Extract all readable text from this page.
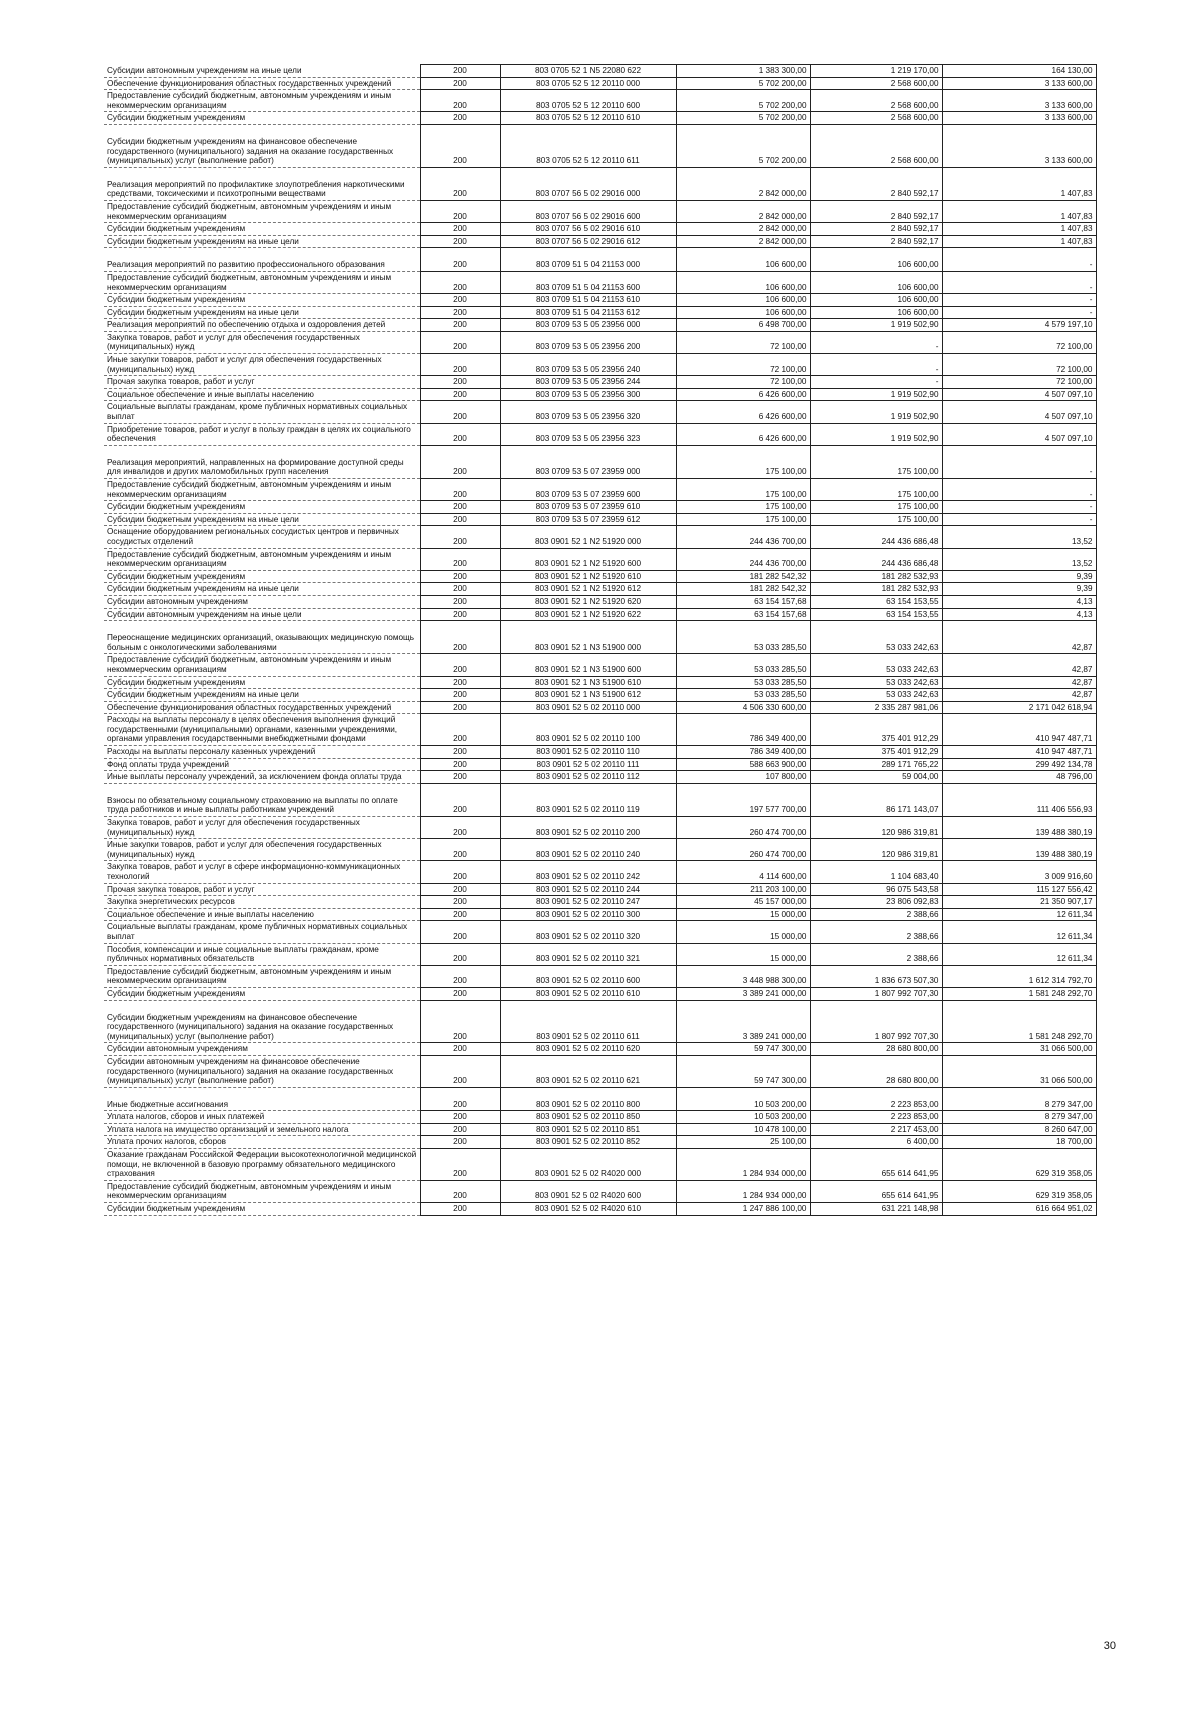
Субсидии автономным учреждениям на иные цели	200	803 0705 52 1 N5 22080 622	1 383 300,00	1 219 170,00	164 130,00
Обеспечение функционирования областных государственных учреждений	200	803 0705 52 5 12 20110 000	5 702 200,00	2 568 600,00	3 133 600,00
Предоставление субсидий бюджетным, автономным учреждениям и иным некоммерческим организациям	200	803 0705 52 5 12 20110 600	5 702 200,00	2 568 600,00	3 133 600,00
Субсидии бюджетным учреждениям	200	803 0705 52 5 12 20110 610	5 702 200,00	2 568 600,00	3 133 600,00
Субсидии бюджетным учреждениям на финансовое обеспечение государственного (муниципального) задания на оказание государственных (муниципальных) услуг (выполнение работ)	200	803 0705 52 5 12 20110 611	5 702 200,00	2 568 600,00	3 133 600,00
Реализация мероприятий по профилактике злоупотребления наркотическими средствами, токсическими и психотропными веществами	200	803 0707 56 5 02 29016 000	2 842 000,00	2 840 592,17	1 407,83
Предоставление субсидий бюджетным, автономным учреждениям и иным некоммерческим организациям	200	803 0707 56 5 02 29016 600	2 842 000,00	2 840 592,17	1 407,83
Субсидии бюджетным учреждениям	200	803 0707 56 5 02 29016 610	2 842 000,00	2 840 592,17	1 407,83
Субсидии бюджетным учреждениям на иные цели	200	803 0707 56 5 02 29016 612	2 842 000,00	2 840 592,17	1 407,83
Реализация мероприятий по развитию профессионального образования	200	803 0709 51 5 04 21153 000	106 600,00	106 600,00	-
Предоставление субсидий бюджетным, автономным учреждениям и иным некоммерческим организациям	200	803 0709 51 5 04 21153 600	106 600,00	106 600,00	-
Субсидии бюджетным учреждениям	200	803 0709 51 5 04 21153 610	106 600,00	106 600,00	-
Субсидии бюджетным учреждениям на иные цели	200	803 0709 51 5 04 21153 612	106 600,00	106 600,00	-
Реализация мероприятий по обеспечению отдыха и оздоровления детей	200	803 0709 53 5 05 23956 000	6 498 700,00	1 919 502,90	4 579 197,10
Закупка товаров, работ и услуг для обеспечения государственных (муниципальных) нужд	200	803 0709 53 5 05 23956 200	72 100,00	-	72 100,00
Иные закупки товаров, работ и услуг для обеспечения государственных (муниципальных) нужд	200	803 0709 53 5 05 23956 240	72 100,00	-	72 100,00
Прочая закупка товаров, работ и услуг	200	803 0709 53 5 05 23956 244	72 100,00	-	72 100,00
Социальное обеспечение и иные выплаты населению	200	803 0709 53 5 05 23956 300	6 426 600,00	1 919 502,90	4 507 097,10
Социальные выплаты гражданам, кроме публичных нормативных социальных выплат	200	803 0709 53 5 05 23956 320	6 426 600,00	1 919 502,90	4 507 097,10
Приобретение товаров, работ и услуг в пользу граждан в целях их социального обеспечения	200	803 0709 53 5 05 23956 323	6 426 600,00	1 919 502,90	4 507 097,10
Реализация мероприятий, направленных на формирование доступной среды для инвалидов и других маломобильных групп населения	200	803 0709 53 5 07 23959 000	175 100,00	175 100,00	-
Предоставление субсидий бюджетным, автономным учреждениям и иным некоммерческим организациям	200	803 0709 53 5 07 23959 600	175 100,00	175 100,00	-
Субсидии бюджетным учреждениям	200	803 0709 53 5 07 23959 610	175 100,00	175 100,00	-
Субсидии бюджетным учреждениям на иные цели	200	803 0709 53 5 07 23959 612	175 100,00	175 100,00	-
Оснащение оборудованием региональных сосудистых центров и первичных сосудистых отделений	200	803 0901 52 1 N2 51920 000	244 436 700,00	244 436 686,48	13,52
Предоставление субсидий бюджетным, автономным учреждениям и иным некоммерческим организациям	200	803 0901 52 1 N2 51920 600	244 436 700,00	244 436 686,48	13,52
Субсидии бюджетным учреждениям	200	803 0901 52 1 N2 51920 610	181 282 542,32	181 282 532,93	9,39
Субсидии бюджетным учреждениям на иные цели	200	803 0901 52 1 N2 51920 612	181 282 542,32	181 282 532,93	9,39
Субсидии автономным учреждениям	200	803 0901 52 1 N2 51920 620	63 154 157,68	63 154 153,55	4,13
Субсидии автономным учреждениям на иные цели	200	803 0901 52 1 N2 51920 622	63 154 157,68	63 154 153,55	4,13
Переоснащение медицинских организаций, оказывающих медицинскую помощь больным с онкологическими заболеваниями	200	803 0901 52 1 N3 51900 000	53 033 285,50	53 033 242,63	42,87
Предоставление субсидий бюджетным, автономным учреждениям и иным некоммерческим организациям	200	803 0901 52 1 N3 51900 600	53 033 285,50	53 033 242,63	42,87
Субсидии бюджетным учреждениям	200	803 0901 52 1 N3 51900 610	53 033 285,50	53 033 242,63	42,87
Субсидии бюджетным учреждениям на иные цели	200	803 0901 52 1 N3 51900 612	53 033 285,50	53 033 242,63	42,87
Обеспечение функционирования областных государственных учреждений	200	803 0901 52 5 02 20110 000	4 506 330 600,00	2 335 287 981,06	2 171 042 618,94
Расходы на выплаты персоналу в целях обеспечения выполнения функций государственными (муниципальными) органами, казенными учреждениями, органами управления государственными внебюджетными фондами	200	803 0901 52 5 02 20110 100	786 349 400,00	375 401 912,29	410 947 487,71
Расходы на выплаты персоналу казенных учреждений	200	803 0901 52 5 02 20110 110	786 349 400,00	375 401 912,29	410 947 487,71
Фонд оплаты труда учреждений	200	803 0901 52 5 02 20110 111	588 663 900,00	289 171 765,22	299 492 134,78
Иные выплаты персоналу учреждений, за исключением фонда оплаты труда	200	803 0901 52 5 02 20110 112	107 800,00	59 004,00	48 796,00
Взносы по обязательному социальному страхованию на выплаты по оплате труда работников и иные выплаты работникам учреждений	200	803 0901 52 5 02 20110 119	197 577 700,00	86 171 143,07	111 406 556,93
Закупка товаров, работ и услуг для обеспечения государственных (муниципальных) нужд	200	803 0901 52 5 02 20110 200	260 474 700,00	120 986 319,81	139 488 380,19
Иные закупки товаров, работ и услуг для обеспечения государственных (муниципальных) нужд	200	803 0901 52 5 02 20110 240	260 474 700,00	120 986 319,81	139 488 380,19
Закупка товаров, работ и услуг в сфере информационно-коммуникационных технологий	200	803 0901 52 5 02 20110 242	4 114 600,00	1 104 683,40	3 009 916,60
Прочая закупка товаров, работ и услуг	200	803 0901 52 5 02 20110 244	211 203 100,00	96 075 543,58	115 127 556,42
Закупка энергетических ресурсов	200	803 0901 52 5 02 20110 247	45 157 000,00	23 806 092,83	21 350 907,17
Социальное обеспечение и иные выплаты населению	200	803 0901 52 5 02 20110 300	15 000,00	2 388,66	12 611,34
Социальные выплаты гражданам, кроме публичных нормативных социальных выплат	200	803 0901 52 5 02 20110 320	15 000,00	2 388,66	12 611,34
Пособия, компенсации и иные социальные выплаты гражданам, кроме публичных нормативных обязательств	200	803 0901 52 5 02 20110 321	15 000,00	2 388,66	12 611,34
Предоставление субсидий бюджетным, автономным учреждениям и иным некоммерческим организациям	200	803 0901 52 5 02 20110 600	3 448 988 300,00	1 836 673 507,30	1 612 314 792,70
Субсидии бюджетным учреждениям	200	803 0901 52 5 02 20110 610	3 389 241 000,00	1 807 992 707,30	1 581 248 292,70
Субсидии бюджетным учреждениям на финансовое обеспечение государственного (муниципального) задания на оказание государственных (муниципальных) услуг (выполнение работ)	200	803 0901 52 5 02 20110 611	3 389 241 000,00	1 807 992 707,30	1 581 248 292,70
Субсидии автономным учреждениям	200	803 0901 52 5 02 20110 620	59 747 300,00	28 680 800,00	31 066 500,00
Субсидии автономным учреждениям на финансовое обеспечение государственного (муниципального) задания на оказание государственных (муниципальных) услуг (выполнение работ)	200	803 0901 52 5 02 20110 621	59 747 300,00	28 680 800,00	31 066 500,00
Иные бюджетные ассигнования	200	803 0901 52 5 02 20110 800	10 503 200,00	2 223 853,00	8 279 347,00
Уплата налогов, сборов и иных платежей	200	803 0901 52 5 02 20110 850	10 503 200,00	2 223 853,00	8 279 347,00
Уплата налога на имущество организаций и земельного налога	200	803 0901 52 5 02 20110 851	10 478 100,00	2 217 453,00	8 260 647,00
Уплата прочих налогов, сборов	200	803 0901 52 5 02 20110 852	25 100,00	6 400,00	18 700,00
Оказание гражданам Российской Федерации высокотехнологичной медицинской помощи, не включенной в базовую программу обязательного медицинского страхования	200	803 0901 52 5 02 R4020 000	1 284 934 000,00	655 614 641,95	629 319 358,05
Предоставление субсидий бюджетным, автономным учреждениям и иным некоммерческим организациям	200	803 0901 52 5 02 R4020 600	1 284 934 000,00	655 614 641,95	629 319 358,05
Субсидии бюджетным учреждениям	200	803 0901 52 5 02 R4020 610	1 247 886 100,00	631 221 148,98	616 664 951,02
30
